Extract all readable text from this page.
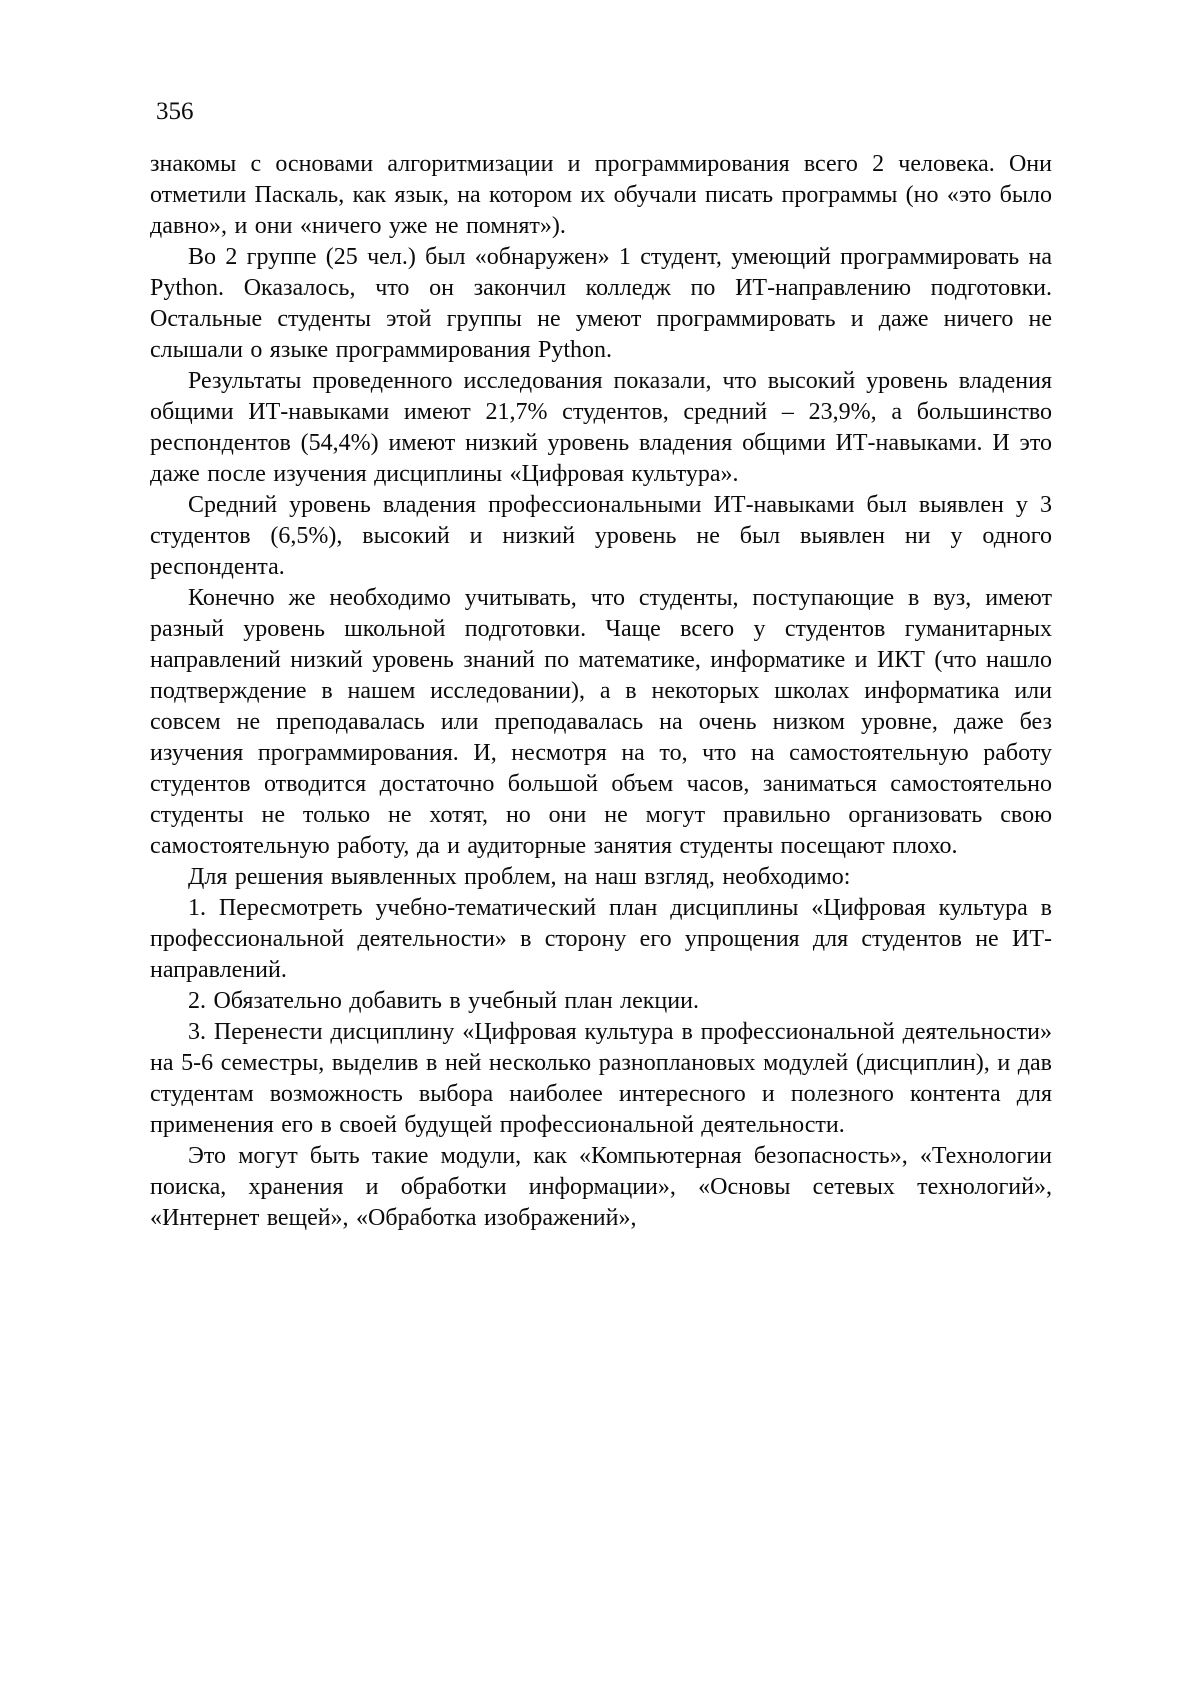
356

знакомы с основами алгоритмизации и программирования всего 2 человека. Они отметили Паскаль, как язык, на котором их обучали писать программы (но «это было давно», и они «ничего уже не помнят»).

Во 2 группе (25 чел.) был «обнаружен» 1 студент, умеющий программировать на Python. Оказалось, что он закончил колледж по ИТ-направлению подготовки. Остальные студенты этой группы не умеют программировать и даже ничего не слышали о языке программирования Python.

Результаты проведенного исследования показали, что высокий уровень владения общими ИТ-навыками имеют 21,7% студентов, средний – 23,9%, а большинство респондентов (54,4%) имеют низкий уровень владения общими ИТ-навыками. И это даже после изучения дисциплины «Цифровая культура».

Средний уровень владения профессиональными ИТ-навыками был выявлен у 3 студентов (6,5%), высокий и низкий уровень не был выявлен ни у одного респондента.

Конечно же необходимо учитывать, что студенты, поступающие в вуз, имеют разный уровень школьной подготовки. Чаще всего у студентов гуманитарных направлений низкий уровень знаний по математике, информатике и ИКТ (что нашло подтверждение в нашем исследовании), а в некоторых школах информатика или совсем не преподавалась или преподавалась на очень низком уровне, даже без изучения программирования. И, несмотря на то, что на самостоятельную работу студентов отводится достаточно большой объем часов, заниматься самостоятельно студенты не только не хотят, но они не могут правильно организовать свою самостоятельную работу, да и аудиторные занятия студенты посещают плохо.

Для решения выявленных проблем, на наш взгляд, необходимо:

1. Пересмотреть учебно-тематический план дисциплины «Цифровая культура в профессиональной деятельности» в сторону его упрощения для студентов не ИТ-направлений.

2. Обязательно добавить в учебный план лекции.

3. Перенести дисциплину «Цифровая культура в профессиональной деятельности» на 5-6 семестры, выделив в ней несколько разноплановых модулей (дисциплин), и дав студентам возможность выбора наиболее интересного и полезного контента для применения его в своей будущей профессиональной деятельности.

Это могут быть такие модули, как «Компьютерная безопасность», «Технологии поиска, хранения и обработки информации», «Основы сетевых технологий», «Интернет вещей», «Обработка изображений»,
